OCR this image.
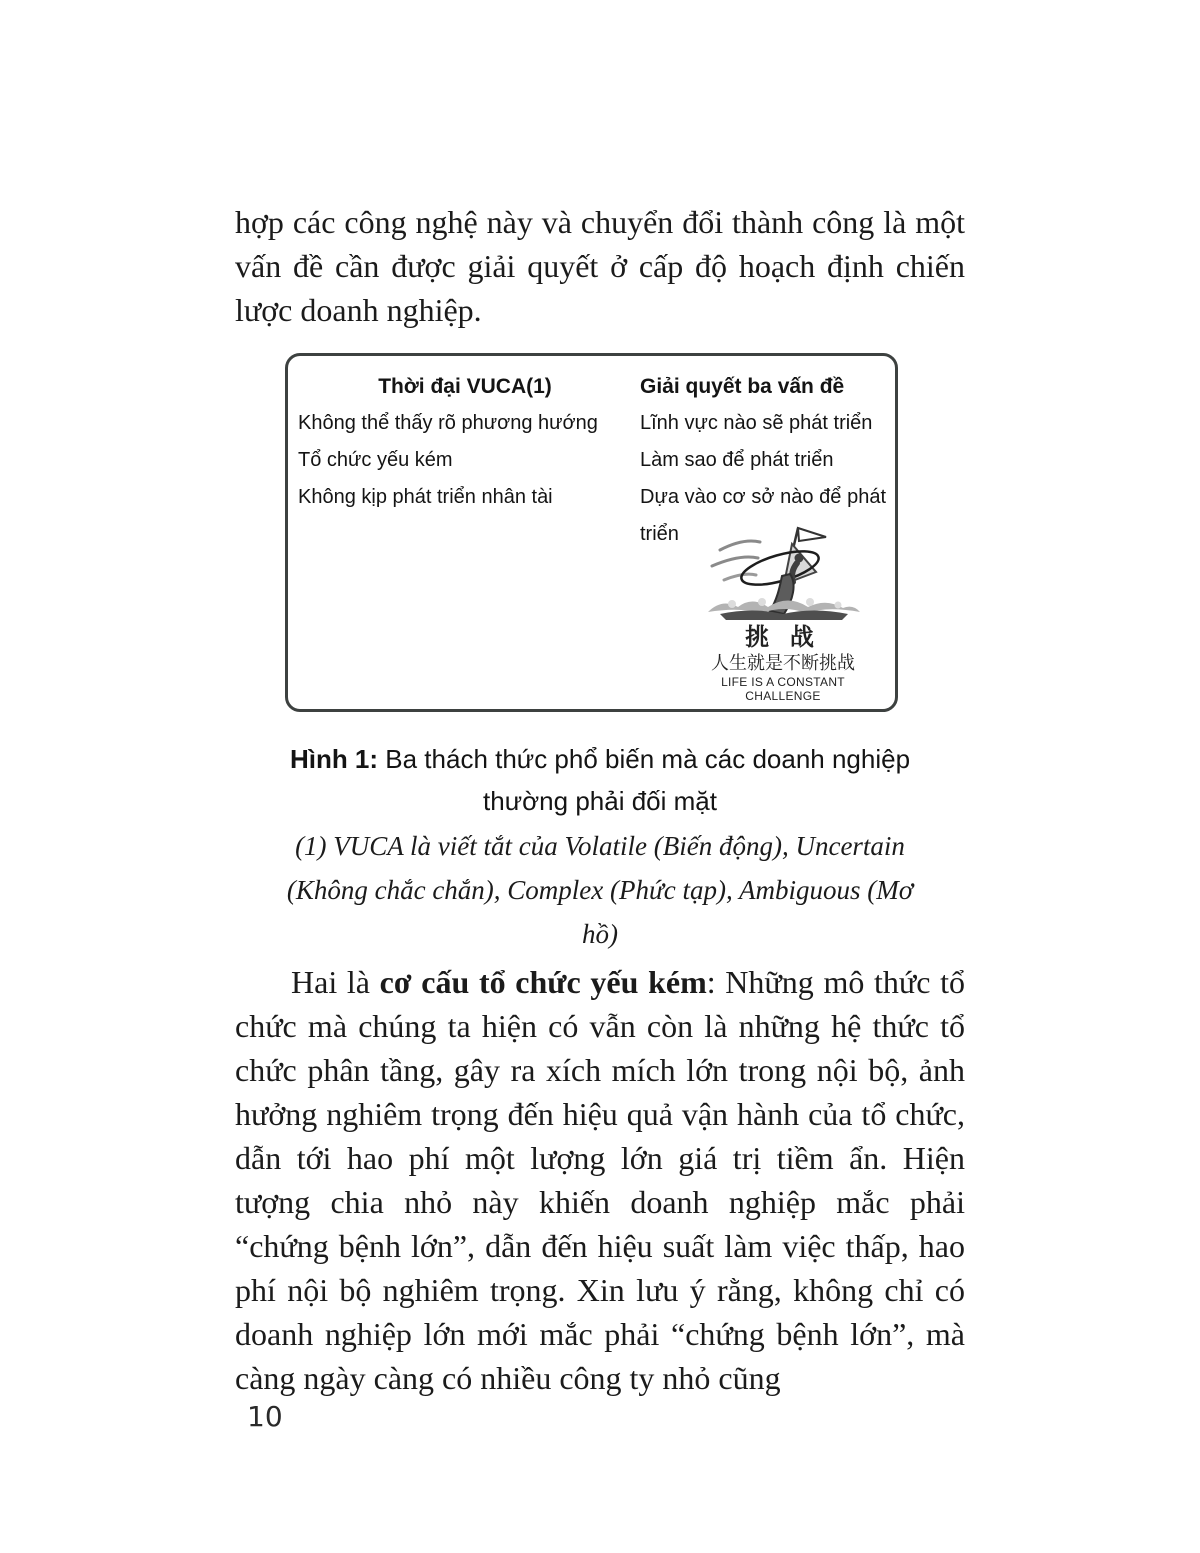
hợp các công nghệ này và chuyển đổi thành công là một vấn đề cần được giải quyết ở cấp độ hoạch định chiến lược doanh nghiệp.

Thời đại VUCA(1)
Không thể thấy rõ phương hướng
Tổ chức yếu kém
Không kịp phát triển nhân tài
Giải quyết ba vấn đề
Lĩnh vực nào sẽ phát triển
Làm sao để phát triển
Dựa vào cơ sở nào để phát triển
挑 战
人生就是不断挑战
LIFE IS A CONSTANT
CHALLENGE
Hình 1: Ba thách thức phổ biến mà các doanh nghiệp thường phải đối mặt
(1) VUCA là viết tắt của Volatile (Biến động), Uncertain (Không chắc chắn), Complex (Phức tạp), Ambiguous (Mơ hồ)

Hai là cơ cấu tổ chức yếu kém: Những mô thức tổ chức mà chúng ta hiện có vẫn còn là những hệ thức tổ chức phân tầng, gây ra xích mích lớn trong nội bộ, ảnh hưởng nghiêm trọng đến hiệu quả vận hành của tổ chức, dẫn tới hao phí một lượng lớn giá trị tiềm ẩn. Hiện tượng chia nhỏ này khiến doanh nghiệp mắc phải “chứng bệnh lớn”, dẫn đến hiệu suất làm việc thấp, hao phí nội bộ nghiêm trọng. Xin lưu ý rằng, không chỉ có doanh nghiệp lớn mới mắc phải “chứng bệnh lớn”, mà càng ngày càng có nhiều công ty nhỏ cũng

10
